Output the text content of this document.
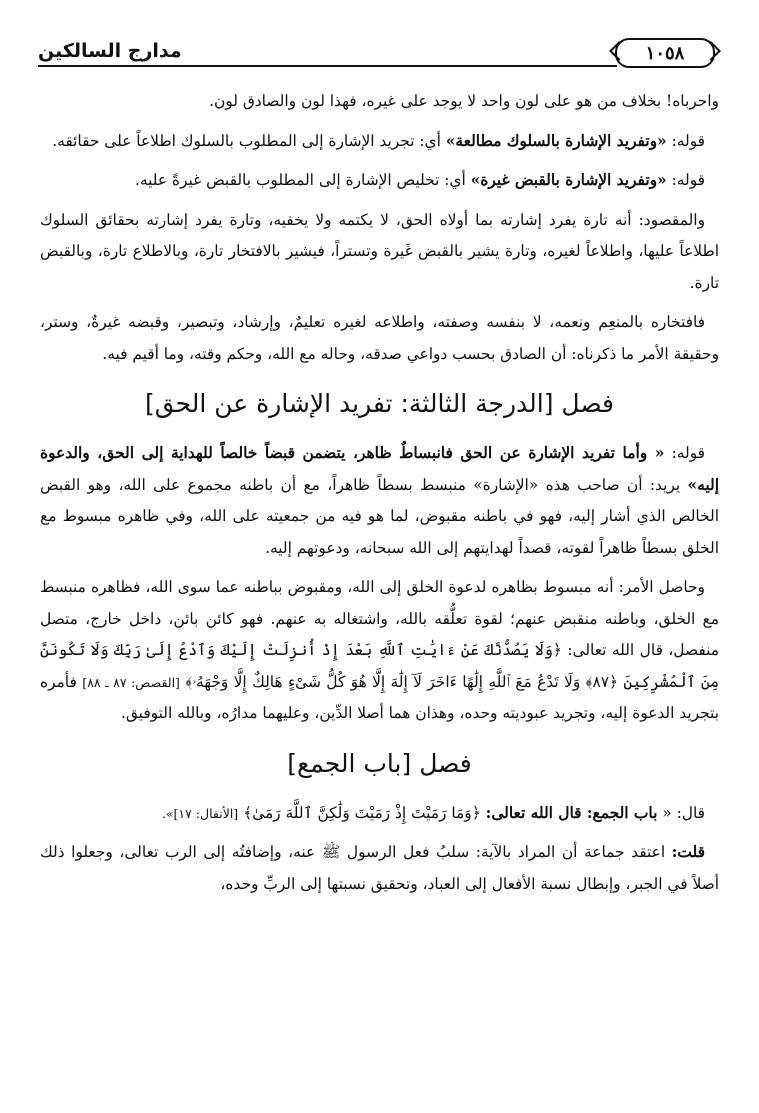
١٠٥٨
مدارج السالكين

واحرباه! بخلاف من هو على لون واحد لا يوجد على غيره، فهذا لون والصادق لون.

قوله: «وتفريد الإشارة بالسلوك مطالعة» أي: تجريد الإشارة إلى المطلوب بالسلوك اطلاعاً على حقائقه.

قوله: «وتفريد الإشارة بالقبض غيرة» أي: تخليص الإشارة إلى المطلوب بالقبض غيرةً عليه.

والمقصود: أنه تارة يفرد إشارته بما أولاه الحق، لا يكتمه ولا يخفيه، وتارة يفرد إشارته بحقائق السلوك اطلاعاً عليها، واطلاعاً لغيره، وتارة يشير بالقبض غَيرة وتستراً، فيشير بالافتخار تارة، وبالاطلاع تارة، وبالقبض تارة.

فافتخاره بالمنعِم ونعمه، لا بنفسه وصفته، واطلاعه لغيره تعليمٌ، وإرشاد، وتبصير، وقبضه غيرةٌ، وستر، وحقيقة الأمر ما ذكرناه: أن الصادق بحسب دواعي صدقه، وحاله مع الله، وحكم وقته، وما أقيم فيه.

فصل [الدرجة الثالثة: تفريد الإشارة عن الحق]

قوله: « وأما تفريد الإشارة عن الحق فانبساطٌ ظاهر، يتضمن قبضاً خالصاً للهداية إلى الحق، والدعوة إليه» يريد: أن صاحب هذه «الإشارة» منبسط بسطاً ظاهراً، مع أن باطنه مجموع على الله، وهو القبض الخالص الذي أشار إليه، فهو في باطنه مقبوض، لما هو فيه من جمعيته على الله، وفي ظاهره مبسوط مع الخلق بسطاً ظاهراً لقوته، قصداً لهدايتهم إلى الله سبحانه، ودعوتهم إليه.

وحاصل الأمر: أنه مبسوط بظاهره لدعوة الخلق إلى الله، ومقبوض بباطنه عما سوى الله، فظاهره منبسط مع الخلق، وباطنه منقبض عنهم؛ لقوة تعلُّقه بالله، واشتغاله به عنهم. فهو كائن بائن، داخل خارج، متصل منفصل، قال الله تعالى: ﴿وَلَا يَصُدُّنَّكَ عَنْ ءَايَٰتِ ٱللَّهِ بَعْدَ إِذْ أُنزِلَتْ إِلَيْكَ وَٱدْعُ إِلَىٰ رَبِّكَ وَلَا تَكُونَنَّ مِنَ ٱلْمُشْرِكِينَ ﴿٨٧﴾ وَلَا تَدْعُ مَعَ ٱللَّهِ إِلَٰهًا ءَاخَرَ لَآ إِلَٰهَ إِلَّا هُوَ كُلُّ شَىْءٍ هَالِكٌ إِلَّا وَجْهَهُۥ﴾ [القصص: ٨٧ ـ ٨٨] فأمره بتجريد الدعوة إليه، وتجريد عبوديته وحده، وهذان هما أصلا الدِّين، وعليهما مدارُه، وبالله التوفيق.

فصل [باب الجمع]

قال: « باب الجمع: قال الله تعالى: ﴿وَمَا رَمَيْتَ إِذْ رَمَيْتَ وَلَٰكِنَّ ٱللَّهَ رَمَىٰ﴾ [الأنفال: ١٧]».

قلت: اعتقد جماعة أن المراد بالآية: سلبُ فعل الرسول ﷺ عنه، وإضافتُه إلى الرب تعالى، وجعلوا ذلك أصلاً في الجبر، وإبطال نسبة الأفعال إلى العباد، وتحقيق نسبتها إلى الربِّ وحده،
